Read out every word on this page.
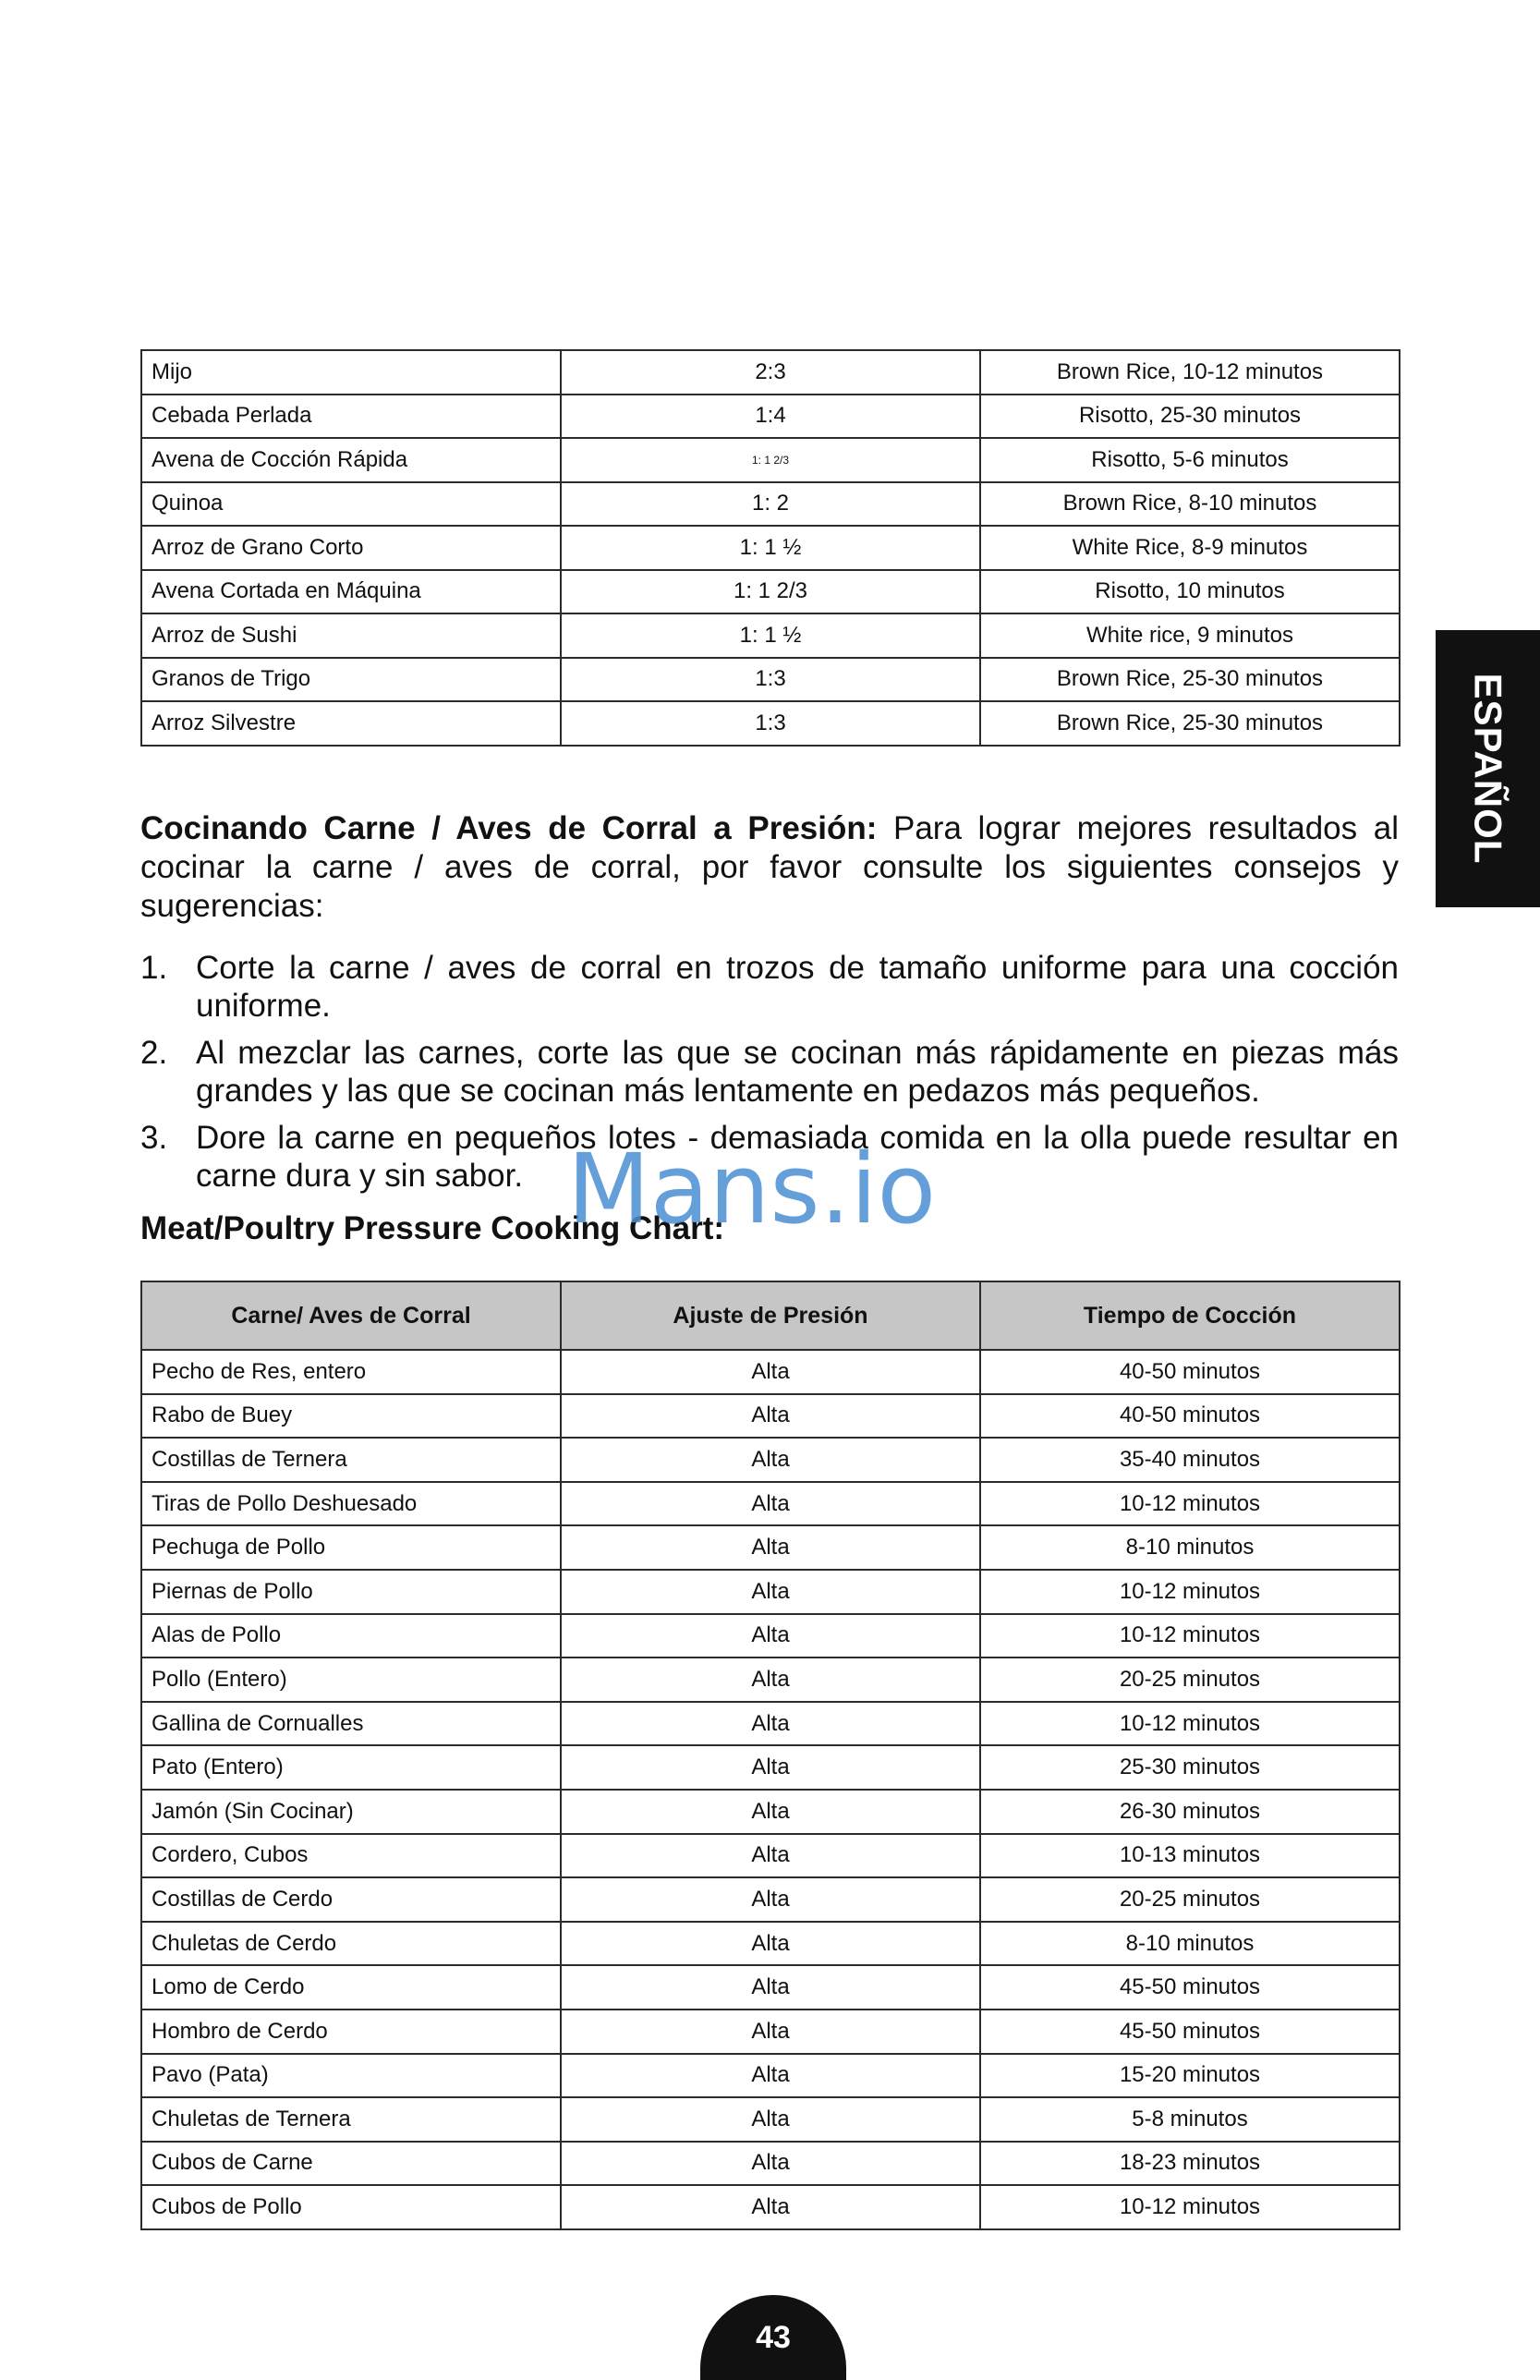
Mijo	2:3	Brown Rice, 10-12 minutos
Cebada Perlada	1:4	Risotto, 25-30 minutos
Avena de Cocción Rápida	1: 1 2/3	Risotto, 5-6 minutos
Quinoa	1: 2	Brown Rice, 8-10 minutos
Arroz de Grano Corto	1: 1 ½	White Rice, 8-9 minutos
Avena Cortada en Máquina	1: 1 2/3	Risotto, 10 minutos
Arroz de Sushi	1: 1 ½	White rice, 9 minutos
Granos de Trigo	1:3	Brown Rice, 25-30 minutos
Arroz Silvestre	1:3	Brown Rice, 25-30 minutos
Cocinando Carne / Aves de Corral a Presión: Para lograr mejores resultados al cocinar la carne / aves de corral, por favor consulte los siguientes consejos y sugerencias:
1. Corte la carne / aves de corral en trozos de tamaño uniforme para una cocción uniforme.
2. Al mezclar las carnes, corte las que se cocinan más rápidamente en piezas más grandes y las que se cocinan más lentamente en pedazos más pequeños.
3. Dore la carne en pequeños lotes - demasiada comida en la olla puede resultar en carne dura y sin sabor.
Meat/Poultry Pressure Cooking Chart:
Carne/ Aves de Corral	Ajuste de Presión	Tiempo de Cocción
Pecho de Res, entero	Alta	40-50 minutos
Rabo de Buey	Alta	40-50 minutos
Costillas de Ternera	Alta	35-40 minutos
Tiras de Pollo Deshuesado	Alta	10-12 minutos
Pechuga de Pollo	Alta	8-10 minutos
Piernas de Pollo	Alta	10-12 minutos
Alas de Pollo	Alta	10-12 minutos
Pollo (Entero)	Alta	20-25 minutos
Gallina de Cornualles	Alta	10-12 minutos
Pato (Entero)	Alta	25-30 minutos
Jamón (Sin Cocinar)	Alta	26-30 minutos
Cordero, Cubos	Alta	10-13 minutos
Costillas de Cerdo	Alta	20-25 minutos
Chuletas de Cerdo	Alta	8-10 minutos
Lomo de Cerdo	Alta	45-50 minutos
Hombro de Cerdo	Alta	45-50 minutos
Pavo (Pata)	Alta	15-20 minutos
Chuletas de Ternera	Alta	5-8 minutos
Cubos de Carne	Alta	18-23 minutos
Cubos de Pollo	Alta	10-12 minutos
ESPAÑOL
Mans.io
43
